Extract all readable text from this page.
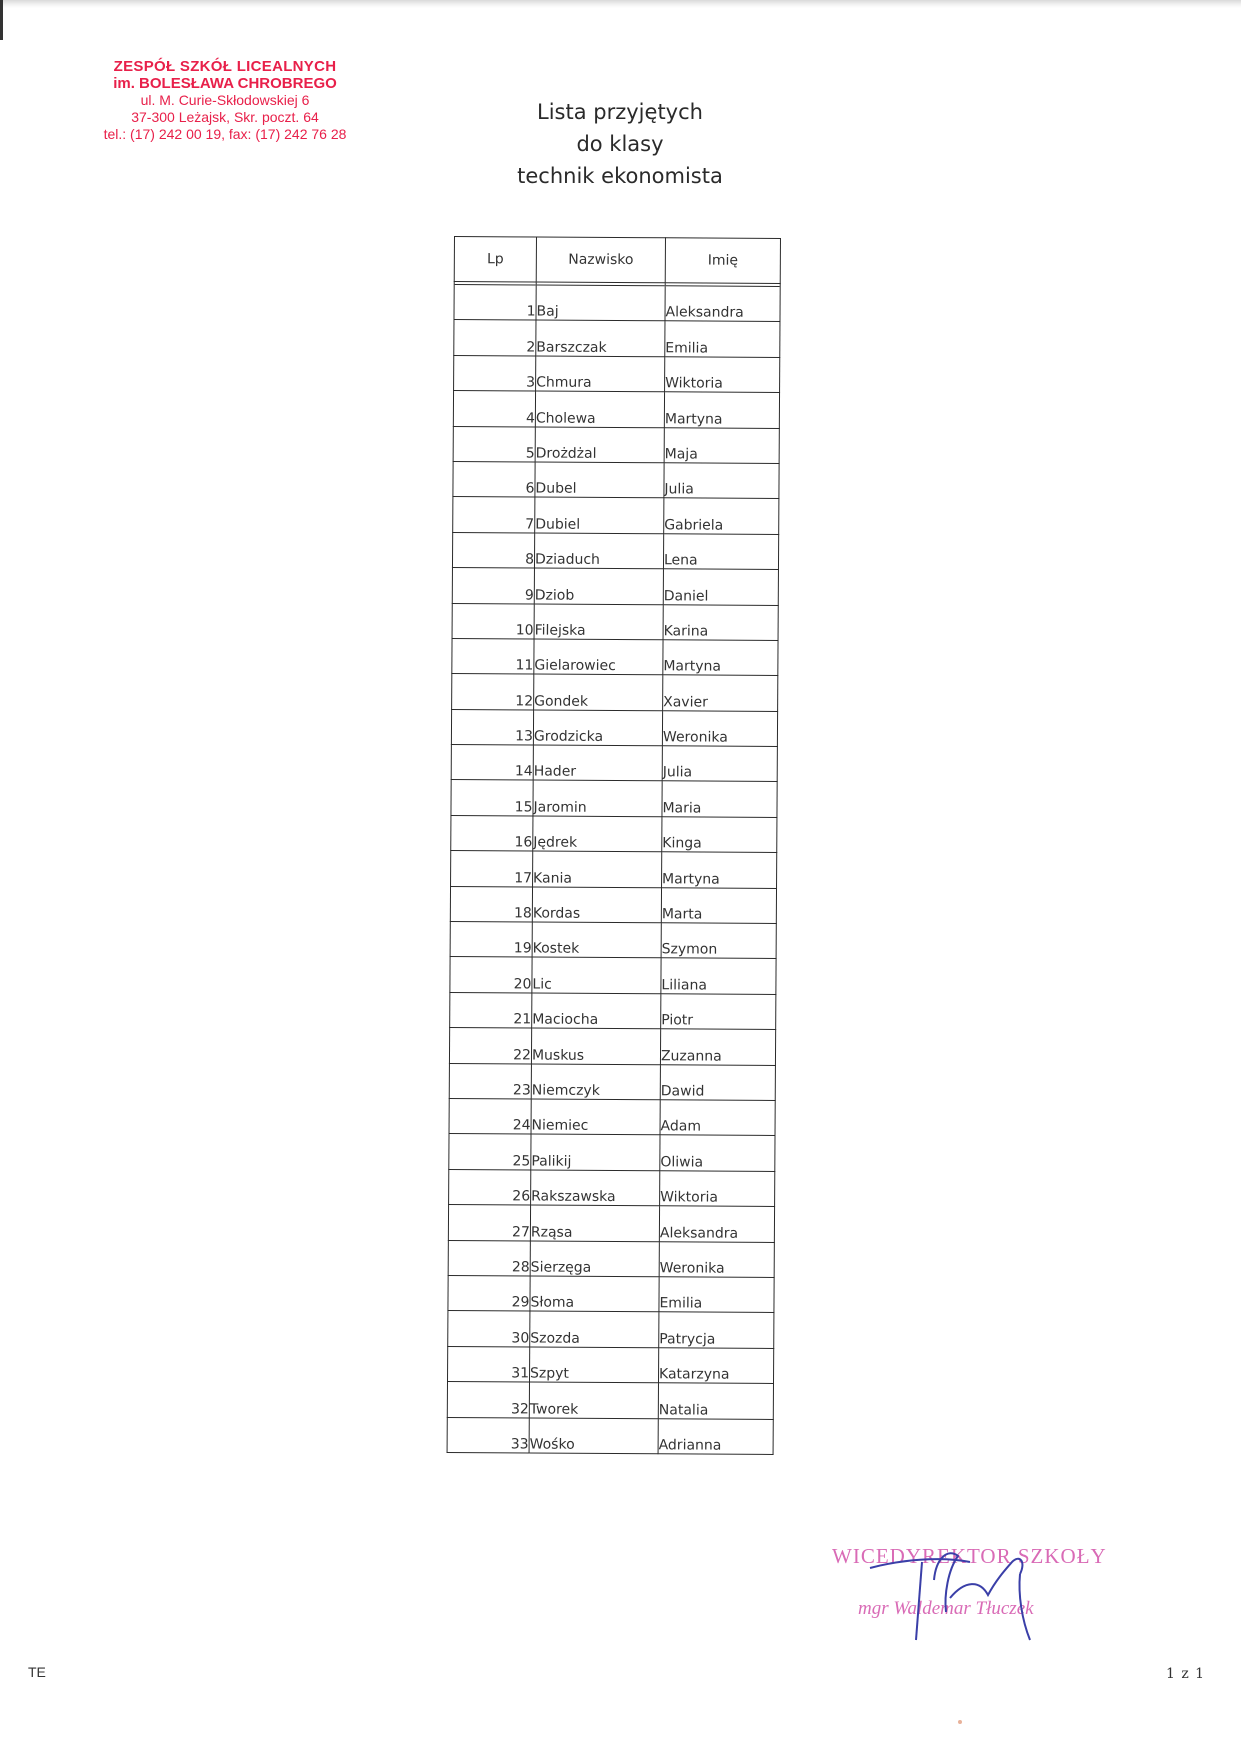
ZESPÓŁ SZKÓŁ LICEALNYCH
im. BOLESŁAWA CHROBREGO
ul. M. Curie-Skłodowskiej 6
37-300 Leżajsk, Skr. poczt. 64
tel.: (17) 242 00 19, fax: (17) 242 76 28
Lista przyjętych
do klasy
technik ekonomista
Lp	Nazwisko	Imię

1	Baj	Aleksandra
2	Barszczak	Emilia
3	Chmura	Wiktoria
4	Cholewa	Martyna
5	Drożdżal	Maja
6	Dubel	Julia
7	Dubiel	Gabriela
8	Dziaduch	Lena
9	Dziob	Daniel
10	Filejska	Karina
11	Gielarowiec	Martyna
12	Gondek	Xavier
13	Grodzicka	Weronika
14	Hader	Julia
15	Jaromin	Maria
16	Jędrek	Kinga
17	Kania	Martyna
18	Kordas	Marta
19	Kostek	Szymon
20	Lic	Liliana
21	Maciocha	Piotr
22	Muskus	Zuzanna
23	Niemczyk	Dawid
24	Niemiec	Adam
25	Palikij	Oliwia
26	Rakszawska	Wiktoria
27	Rząsa	Aleksandra
28	Sierzęga	Weronika
29	Słoma	Emilia
30	Szozda	Patrycja
31	Szpyt	Katarzyna
32	Tworek	Natalia
33	Wośko	Adrianna
WICEDYREKTOR SZKOŁY
mgr Waldemar Tłuczek
TE	1 z 1
